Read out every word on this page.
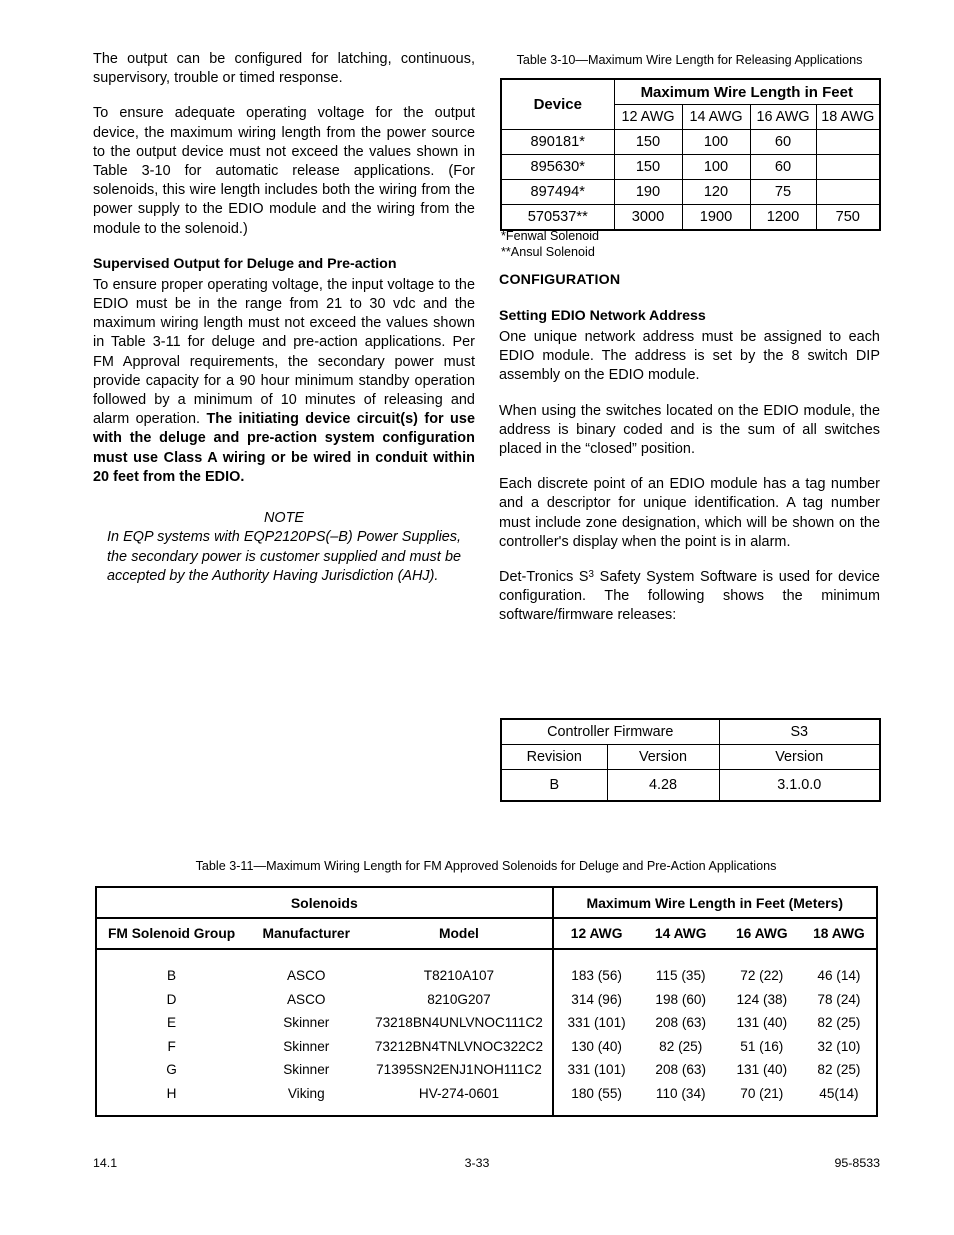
The output can be configured for latching, continuous, supervisory, trouble or timed response.

To ensure adequate operating voltage for the output device, the maximum wiring length from the power source to the output device must not exceed the values shown in Table 3-10 for automatic release applications. (For solenoids, this wire length includes both the wiring from the power supply to the EDIO module and the wiring from the module to the solenoid.)

Supervised Output for Deluge and Pre-action

To ensure proper operating voltage, the input voltage to the EDIO must be in the range from 21 to 30 vdc and the maximum wiring length must not exceed the values shown in Table 3-11 for deluge and pre-action applications. Per FM Approval requirements, the secondary power must provide capacity for a 90 hour minimum standby operation followed by a minimum of 10 minutes of releasing and alarm operation. The initiating device circuit(s) for use with the deluge and pre-action system configuration must use Class A wiring or be wired in conduit within 20 feet from the EDIO.

NOTE
In EQP systems with EQP2120PS(–B) Power Supplies, the secondary power is customer supplied and must be accepted by the Authority Having Jurisdiction (AHJ).
CONFIGURATION
Setting EDIO Network Address

One unique network address must be assigned to each EDIO module. The address is set by the 8 switch DIP assembly on the EDIO module.

When using the switches located on the EDIO module, the address is binary coded and is the sum of all switches placed in the “closed” position.

Each discrete point of an EDIO module has a tag number and a descriptor for unique identification. A tag number must include zone designation, which will be shown on the controller's display when the point is in alarm.

Det-Tronics $S^3$ Safety System Software is used for device configuration. The following shows the minimum software/firmware releases:

Table 3-10—Maximum Wire Length for Releasing Applications
Device	Maximum Wire Length in Feet			
	12 AWG	14 AWG	16 AWG	18 AWG
890181*	150	100	60	
895630*	150	100	60	
897494*	190	120	75	
570537**	3000	1900	1200	750
*Fenwal Solenoid
**Ansul Solenoid
Controller Firmware		S3
Revision	Version	Version
B	4.28	3.1.0.0
Table 3-11—Maximum Wiring Length for FM Approved Solenoids for Deluge and Pre-Action Applications
Solenoids			Maximum Wire Length in Feet (Meters)			
FM Solenoid Group	Manufacturer	Model	12 AWG	14 AWG	16 AWG	18 AWG

B	ASCO	T8210A107	183 (56)	115 (35)	72 (22)	46 (14)
D	ASCO	8210G207	314 (96)	198 (60)	124 (38)	78 (24)
E	Skinner	73218BN4UNLVNOC111C2	331 (101)	208 (63)	131 (40)	82 (25)
F	Skinner	73212BN4TNLVNOC322C2	130 (40)	82 (25)	51 (16)	32 (10)
G	Skinner	71395SN2ENJ1NOH111C2	331 (101)	208 (63)	131 (40)	82 (25)
H	Viking	HV-274-0601	180 (55)	110 (34)	70 (21)	45(14)

14.1	3-33	95-8533
